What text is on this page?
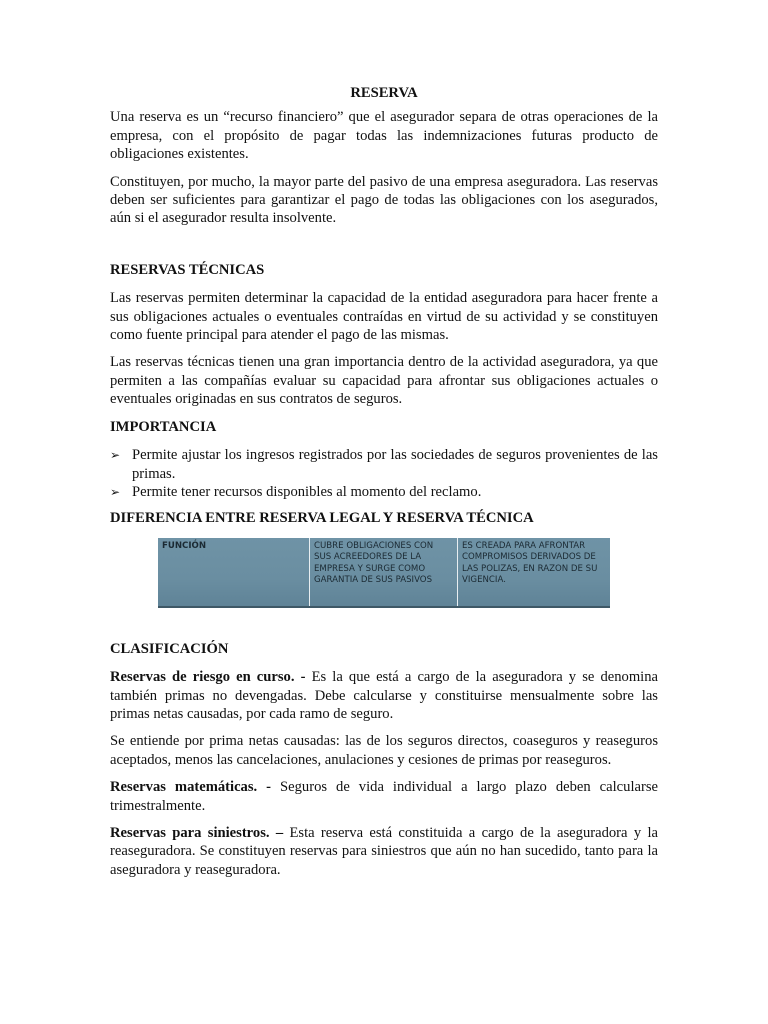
RESERVA

Una reserva es un “recurso financiero” que el asegurador separa de otras operaciones de la empresa, con el propósito de pagar todas las indemnizaciones futuras producto de obligaciones existentes.

Constituyen, por mucho, la mayor parte del pasivo de una empresa aseguradora. Las reservas deben ser suficientes para garantizar el pago de todas las obligaciones con los asegurados, aún si el asegurador resulta insolvente.

RESERVAS TÉCNICAS

Las reservas permiten determinar la capacidad de la entidad aseguradora para hacer frente a sus obligaciones actuales o eventuales contraídas en virtud de su actividad y se constituyen como fuente principal para atender el pago de las mismas.

Las reservas técnicas tienen una gran importancia dentro de la actividad aseguradora, ya que permiten a las compañías evaluar su capacidad para afrontar sus obligaciones actuales o eventuales originadas en sus contratos de seguros.

IMPORTANCIA
➢ Permite ajustar los ingresos registrados por las sociedades de seguros provenientes de las primas.
➢ Permite tener recursos disponibles al momento del reclamo.
DIFERENCIA ENTRE RESERVA LEGAL Y RESERVA TÉCNICA
FUNCIÓN	CUBRE OBLIGACIONES CON SUS ACREEDORES DE LA EMPRESA Y SURGE COMO GARANTIA DE SUS PASIVOS
ES CREADA PARA AFRONTAR COMPROMISOS DERIVADOS DE LAS POLIZAS, EN RAZON DE SU VIGENCIA.
CLASIFICACIÓN

Reservas de riesgo en curso. - Es la que está a cargo de la aseguradora y se denomina también primas no devengadas. Debe calcularse y constituirse mensualmente sobre las primas netas causadas, por cada ramo de seguro.

Se entiende por prima netas causadas: las de los seguros directos, coaseguros y reaseguros aceptados, menos las cancelaciones, anulaciones y cesiones de primas por reaseguros.

Reservas matemáticas. - Seguros de vida individual a largo plazo deben calcularse trimestralmente.

Reservas para siniestros. – Esta reserva está constituida a cargo de la aseguradora y la reaseguradora. Se constituyen reservas para siniestros que aún no han sucedido, tanto para la aseguradora y reaseguradora.
